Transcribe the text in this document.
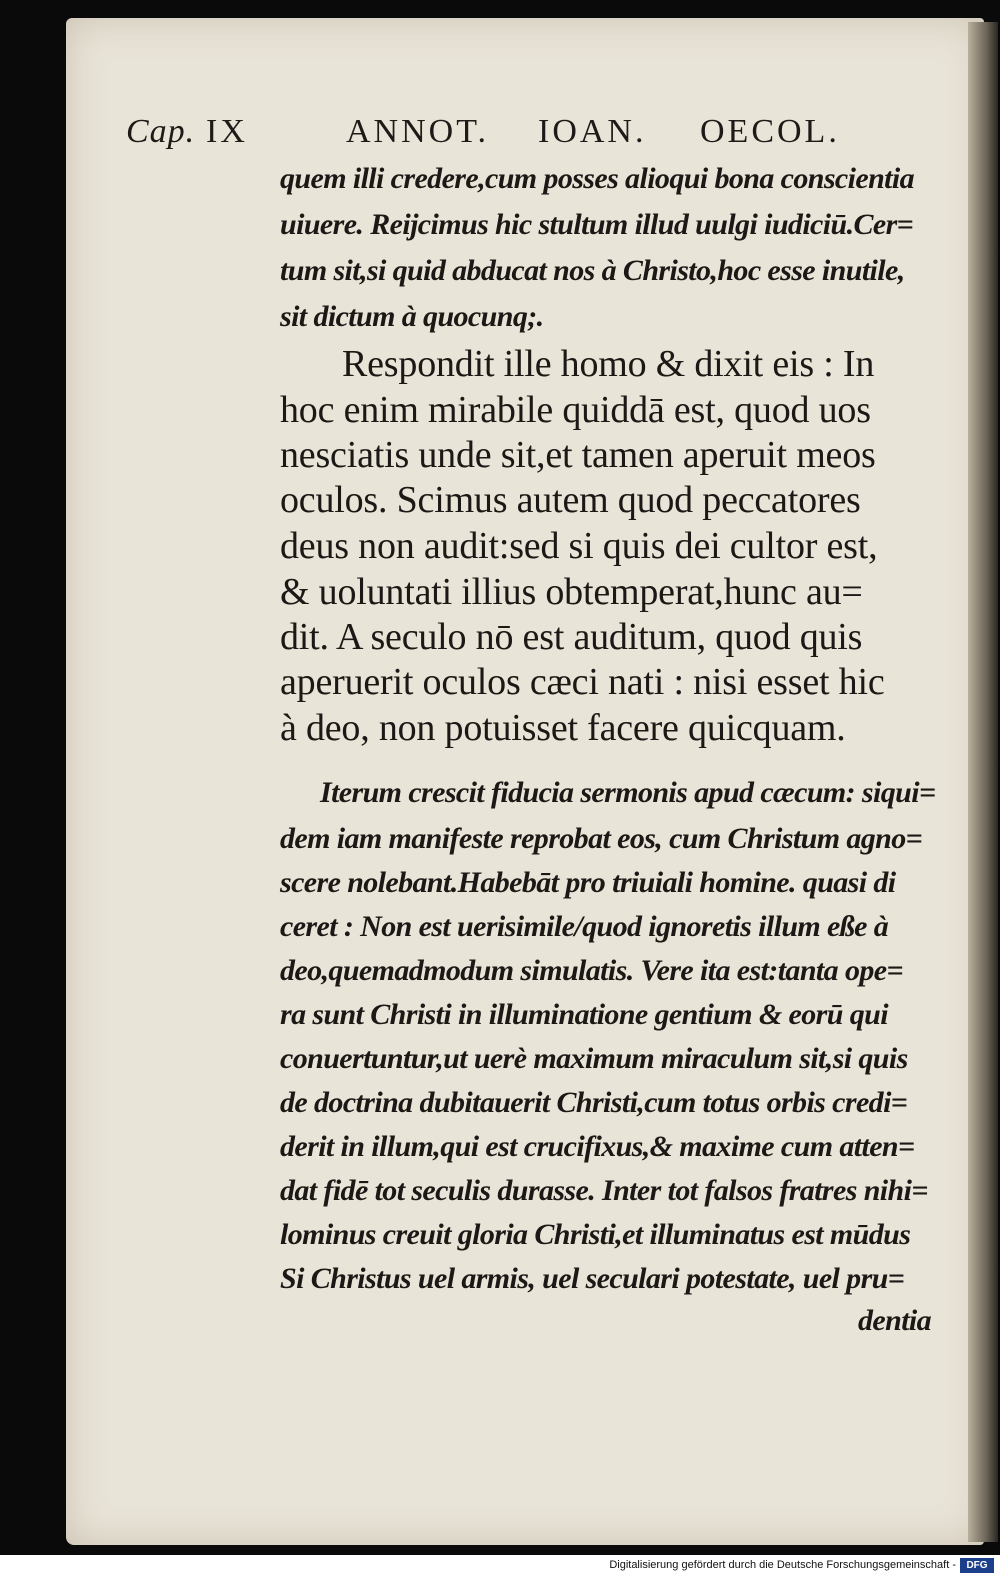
Cap. IX	ANNOT. IOAN. OECOL.
quem illi credere,cum posses alioqui bona conscientia
uiuere. Reijcimus hic stultum illud uulgi iudiciū.Cer=
tum sit,si quid abducat nos à Christo,hoc esse inutile,
sit dictum à quocunq;.
Respondit ille homo & dixit eis : In
hoc enim mirabile quiddā est, quod uos
nesciatis unde sit,et tamen aperuit meos
oculos. Scimus autem quod peccatores
deus non audit:sed si quis dei cultor est,
& uoluntati illius obtemperat,hunc au=
dit. A seculo nō est auditum, quod quis
aperuerit oculos cæci nati : nisi esset hic
à deo, non potuisset facere quicquam.
Iterum crescit fiducia sermonis apud cæcum: siqui=
dem iam manifeste reprobat eos, cum Christum agno=
scere nolebant.Habebāt pro triuiali homine. quasi di
ceret : Non est uerisimile/quod ignoretis illum eße à
deo,quemadmodum simulatis. Vere ita est:tanta ope=
ra sunt Christi in illuminatione gentium & eorū qui
conuertuntur,ut uerè maximum miraculum sit,si quis
de doctrina dubitauerit Christi,cum totus orbis credi=
derit in illum,qui est crucifixus,& maxime cum atten=
dat fidē tot seculis durasse. Inter tot falsos fratres nihi=
lominus creuit gloria Christi,et illuminatus est mūdus
Si Christus uel armis, uel seculari potestate, uel pru=
dentia
Digitalisierung gefördert durch die Deutsche Forschungsgemeinschaft -	DFG
